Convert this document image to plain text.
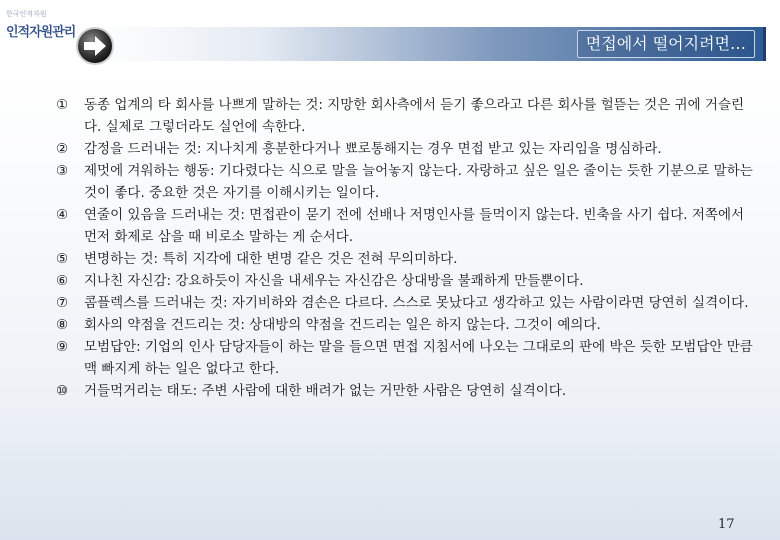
한국인적자원
인적자원관리
면접에서 떨어지려면…
①	동종 업계의 타 회사를 나쁘게 말하는 것: 지망한 회사측에서 듣기 좋으라고 다른 회사를 헐뜯는 것은 귀에 거슬린다. 실제로 그렇더라도 실언에 속한다.
②	감정을 드러내는 것: 지나치게 흥분한다거나 뾰로통해지는 경우 면접 받고 있는 자리임을 명심하라.
③	제멋에 겨워하는 행동: 기다렸다는 식으로 말을 늘어놓지 않는다. 자랑하고 싶은 일은 줄이는 듯한 기분으로 말하는 것이 좋다. 중요한 것은 자기를 이해시키는 일이다.
④	연줄이 있음을 드러내는 것: 면접관이 묻기 전에 선배나 저명인사를 들먹이지 않는다. 빈축을 사기 쉽다. 저쪽에서 먼저 화제로 삼을 때 비로소 말하는 게 순서다.
⑤	변명하는 것: 특히 지각에 대한 변명 같은 것은 전혀 무의미하다.
⑥	지나친 자신감: 강요하듯이 자신을 내세우는 자신감은 상대방을 불쾌하게 만들뿐이다.
⑦	콤플렉스를 드러내는 것: 자기비하와 겸손은 다르다. 스스로 못났다고 생각하고 있는 사람이라면 당연히 실격이다.
⑧	회사의 약점을 건드리는 것: 상대방의 약점을 건드리는 일은 하지 않는다. 그것이 예의다.
⑨	모범답안: 기업의 인사 담당자들이 하는 말을 들으면 면접 지침서에 나오는 그대로의 판에 박은 듯한 모범답안 만큼 맥 빠지게 하는 일은 없다고 한다.
⑩	거들먹거리는 태도: 주변 사람에 대한 배려가 없는 거만한 사람은 당연히 실격이다.
17
